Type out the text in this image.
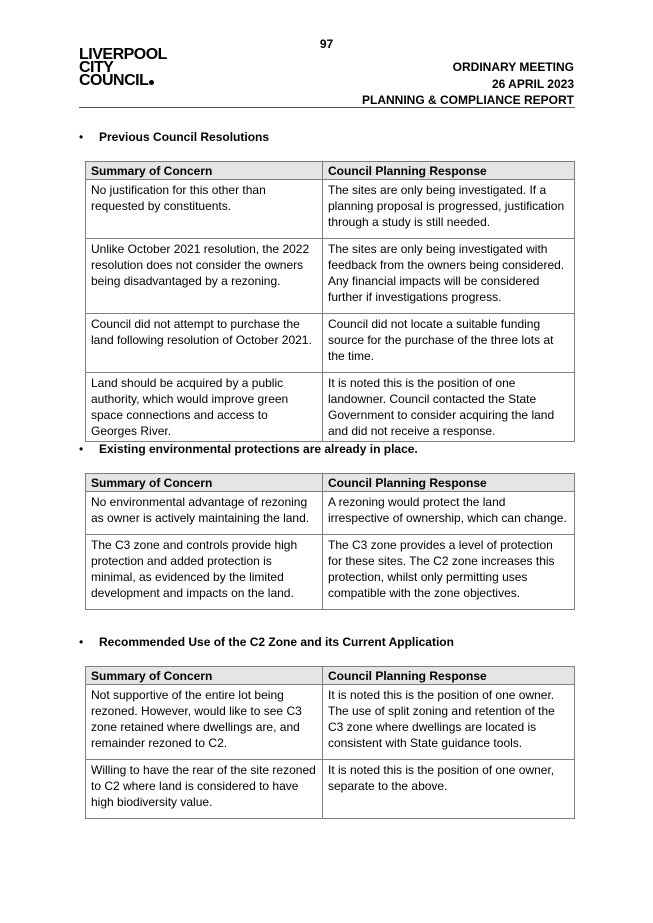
97
LIVERPOOL
CITY
COUNCIL
ORDINARY MEETING
26 APRIL 2023
PLANNING & COMPLIANCE REPORT
• Previous Council Resolutions
Summary of Concern	Council Planning Response
No justification for this other than requested by constituents.	The sites are only being investigated. If a planning proposal is progressed, justification through a study is still needed.
Unlike October 2021 resolution, the 2022 resolution does not consider the owners being disadvantaged by a rezoning.	The sites are only being investigated with feedback from the owners being considered. Any financial impacts will be considered further if investigations progress.
Council did not attempt to purchase the land following resolution of October 2021.	Council did not locate a suitable funding source for the purchase of the three lots at the time.
Land should be acquired by a public authority, which would improve green space connections and access to Georges River.	It is noted this is the position of one landowner. Council contacted the State Government to consider acquiring the land and did not receive a response.
• Existing environmental protections are already in place.
Summary of Concern	Council Planning Response
No environmental advantage of rezoning as owner is actively maintaining the land.	A rezoning would protect the land irrespective of ownership, which can change.
The C3 zone and controls provide high protection and added protection is minimal, as evidenced by the limited development and impacts on the land.	The C3 zone provides a level of protection for these sites. The C2 zone increases this protection, whilst only permitting uses compatible with the zone objectives.
• Recommended Use of the C2 Zone and its Current Application
Summary of Concern	Council Planning Response
Not supportive of the entire lot being rezoned. However, would like to see C3 zone retained where dwellings are, and remainder rezoned to C2.	It is noted this is the position of one owner. The use of split zoning and retention of the C3 zone where dwellings are located is consistent with State guidance tools.
Willing to have the rear of the site rezoned to C2 where land is considered to have high biodiversity value.	It is noted this is the position of one owner, separate to the above.
